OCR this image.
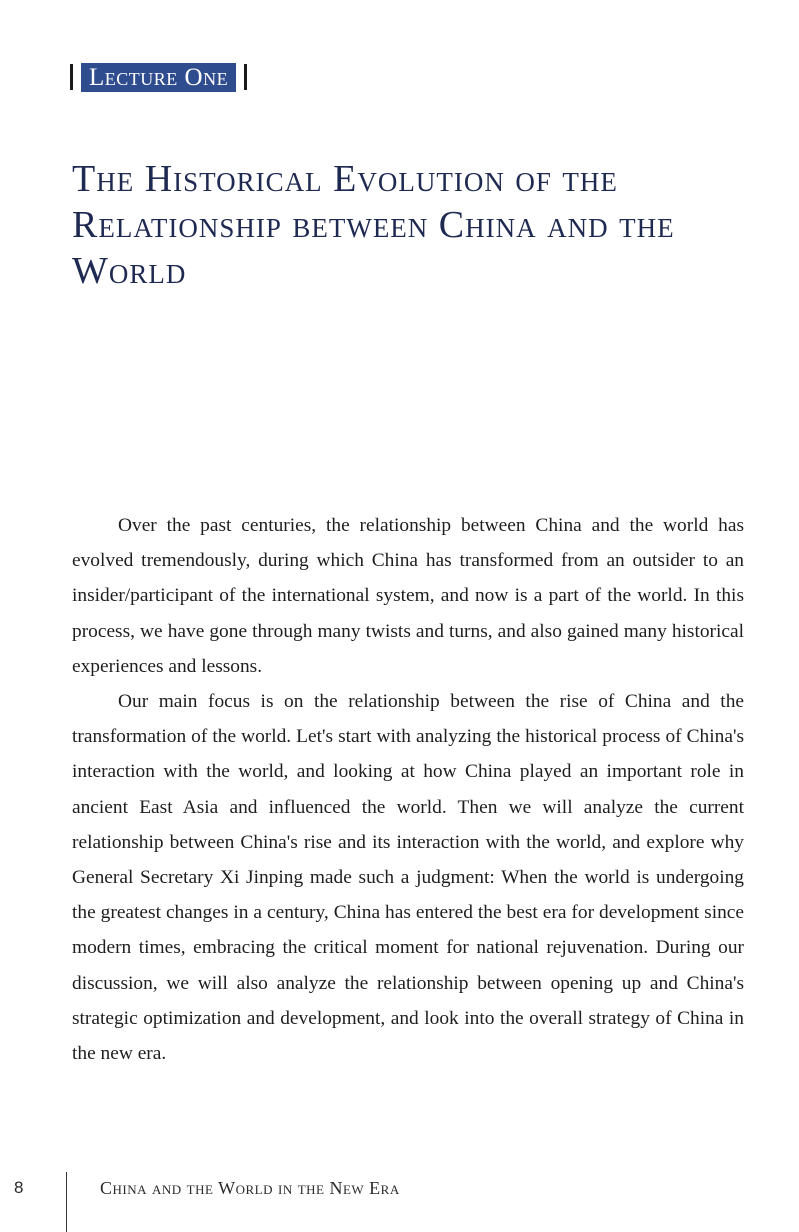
Lecture One
The Historical Evolution of the Relationship between China and the World

Over the past centuries, the relationship between China and the world has evolved tremendously, during which China has transformed from an outsider to an insider/participant of the international system, and now is a part of the world. In this process, we have gone through many twists and turns, and also gained many historical experiences and lessons.

Our main focus is on the relationship between the rise of China and the transformation of the world. Let's start with analyzing the historical process of China's interaction with the world, and looking at how China played an important role in ancient East Asia and influenced the world. Then we will analyze the current relationship between China's rise and its interaction with the world, and explore why General Secretary Xi Jinping made such a judgment: When the world is undergoing the greatest changes in a century, China has entered the best era for development since modern times, embracing the critical moment for national rejuvenation. During our discussion, we will also analyze the relationship between opening up and China's strategic optimization and development, and look into the overall strategy of China in the new era.

8	China and the World in the New Era
